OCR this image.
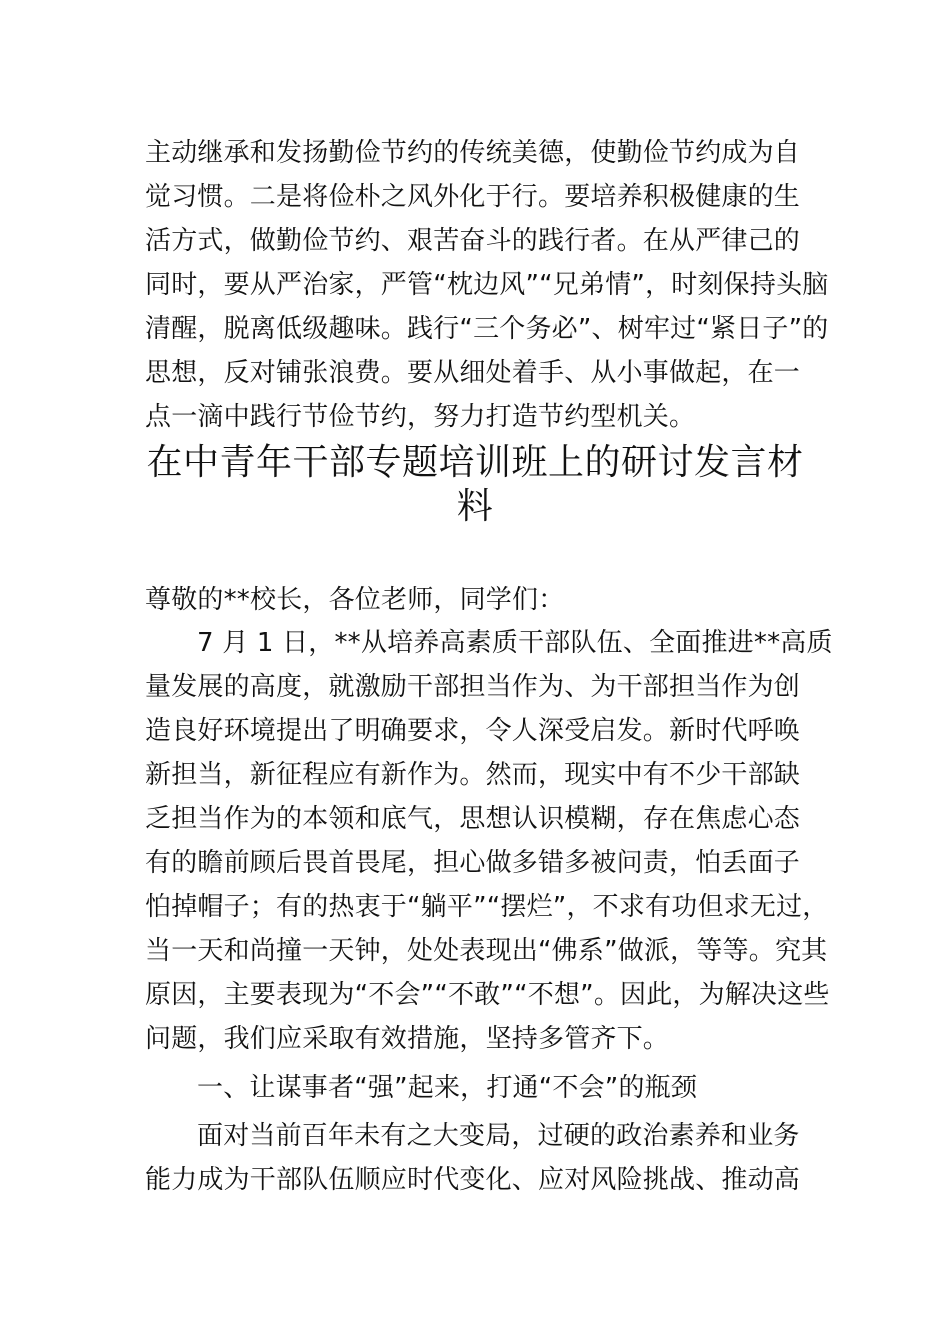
主动继承和发扬勤俭节约的传统美德，使勤俭节约成为自
觉习惯。二是将俭朴之风外化于行。要培养积极健康的生
活方式，做勤俭节约、艰苦奋斗的践行者。在从严律己的
同时，要从严治家，严管“枕边风”“兄弟情”，时刻保持头脑
清醒，脱离低级趣味。践行“三个务必”、树牢过“紧日子”的
思想，反对铺张浪费。要从细处着手、从小事做起，在一
点一滴中践行节俭节约，努力打造节约型机关。
在中青年干部专题培训班上的研讨发言材
料
尊敬的**校长，各位老师，同学们：
7 月 1 日，**从培养高素质干部队伍、全面推进**高质
量发展的高度，就激励干部担当作为、为干部担当作为创
造良好环境提出了明确要求，令人深受启发。新时代呼唤
新担当，新征程应有新作为。然而，现实中有不少干部缺
乏担当作为的本领和底气，思想认识模糊，存在焦虑心态
有的瞻前顾后畏首畏尾，担心做多错多被问责，怕丢面子
怕掉帽子；有的热衷于“躺平”“摆烂”，不求有功但求无过，
当一天和尚撞一天钟，处处表现出“佛系”做派，等等。究其
原因，主要表现为“不会”“不敢”“不想”。因此，为解决这些
问题，我们应采取有效措施，坚持多管齐下。
一、让谋事者“强”起来，打通“不会”的瓶颈
面对当前百年未有之大变局，过硬的政治素养和业务
能力成为干部队伍顺应时代变化、应对风险挑战、推动高
